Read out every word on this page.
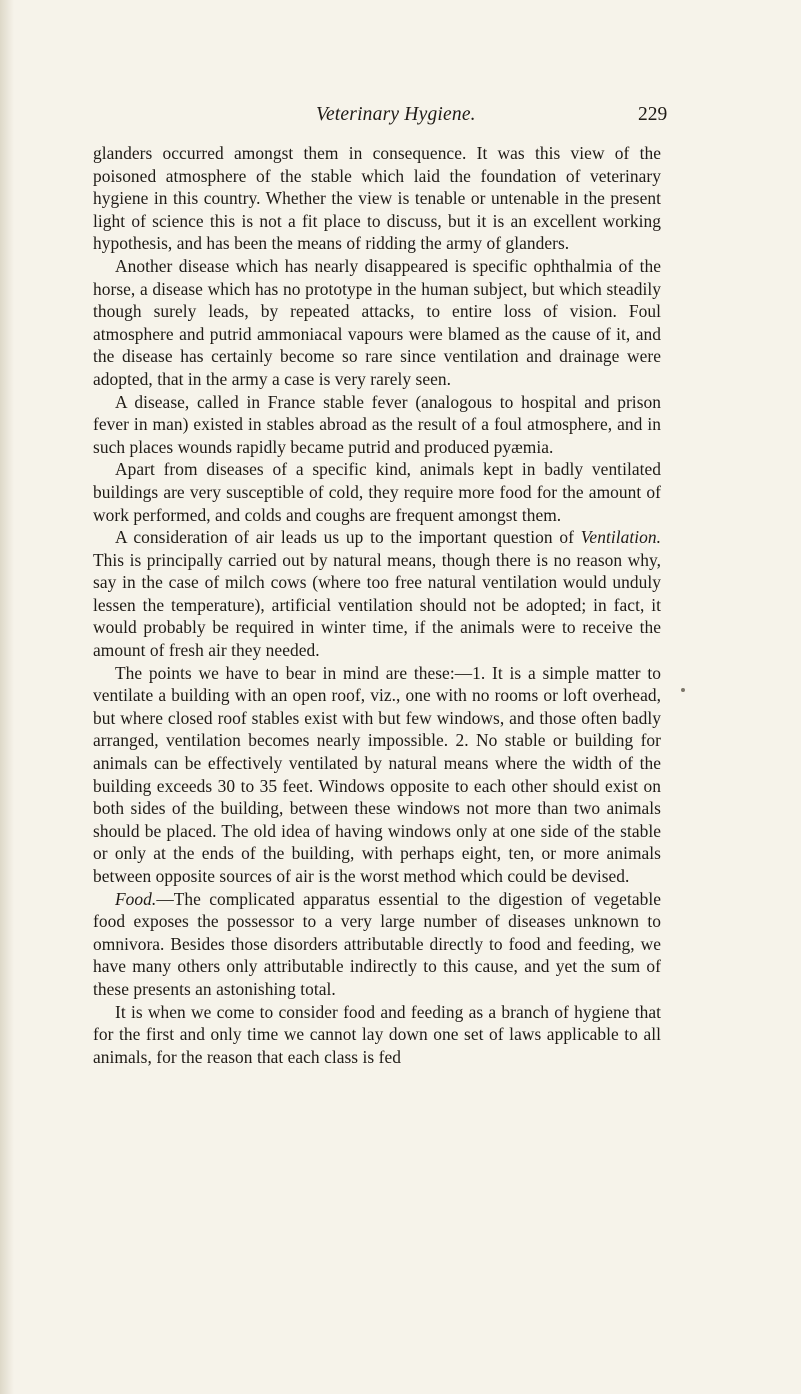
Veterinary Hygiene.	229

glanders occurred amongst them in consequence. It was this view of the poisoned atmosphere of the stable which laid the foundation of veterinary hygiene in this country. Whether the view is tenable or untenable in the present light of science this is not a fit place to discuss, but it is an excellent working hypothesis, and has been the means of ridding the army of glanders.

Another disease which has nearly disappeared is specific ophthalmia of the horse, a disease which has no prototype in the human subject, but which steadily though surely leads, by repeated attacks, to entire loss of vision. Foul atmosphere and putrid ammoniacal vapours were blamed as the cause of it, and the disease has certainly become so rare since ventilation and drainage were adopted, that in the army a case is very rarely seen.

A disease, called in France stable fever (analogous to hospital and prison fever in man) existed in stables abroad as the result of a foul atmosphere, and in such places wounds rapidly became putrid and produced pyæmia.

Apart from diseases of a specific kind, animals kept in badly ventilated buildings are very susceptible of cold, they require more food for the amount of work performed, and colds and coughs are frequent amongst them.

A consideration of air leads us up to the important question of Ventilation. This is principally carried out by natural means, though there is no reason why, say in the case of milch cows (where too free natural ventilation would unduly lessen the temperature), artificial ventilation should not be adopted; in fact, it would probably be required in winter time, if the animals were to receive the amount of fresh air they needed.

The points we have to bear in mind are these:—1. It is a simple matter to ventilate a building with an open roof, viz., one with no rooms or loft overhead, but where closed roof stables exist with but few windows, and those often badly arranged, ventilation becomes nearly impossible. 2. No stable or building for animals can be effectively ventilated by natural means where the width of the building exceeds 30 to 35 feet. Windows opposite to each other should exist on both sides of the building, between these windows not more than two animals should be placed. The old idea of having windows only at one side of the stable or only at the ends of the building, with perhaps eight, ten, or more animals between opposite sources of air is the worst method which could be devised.

Food.—The complicated apparatus essential to the digestion of vegetable food exposes the possessor to a very large number of diseases unknown to omnivora. Besides those disorders attributable directly to food and feeding, we have many others only attributable indirectly to this cause, and yet the sum of these presents an astonishing total.

It is when we come to consider food and feeding as a branch of hygiene that for the first and only time we cannot lay down one set of laws applicable to all animals, for the reason that each class is fed
